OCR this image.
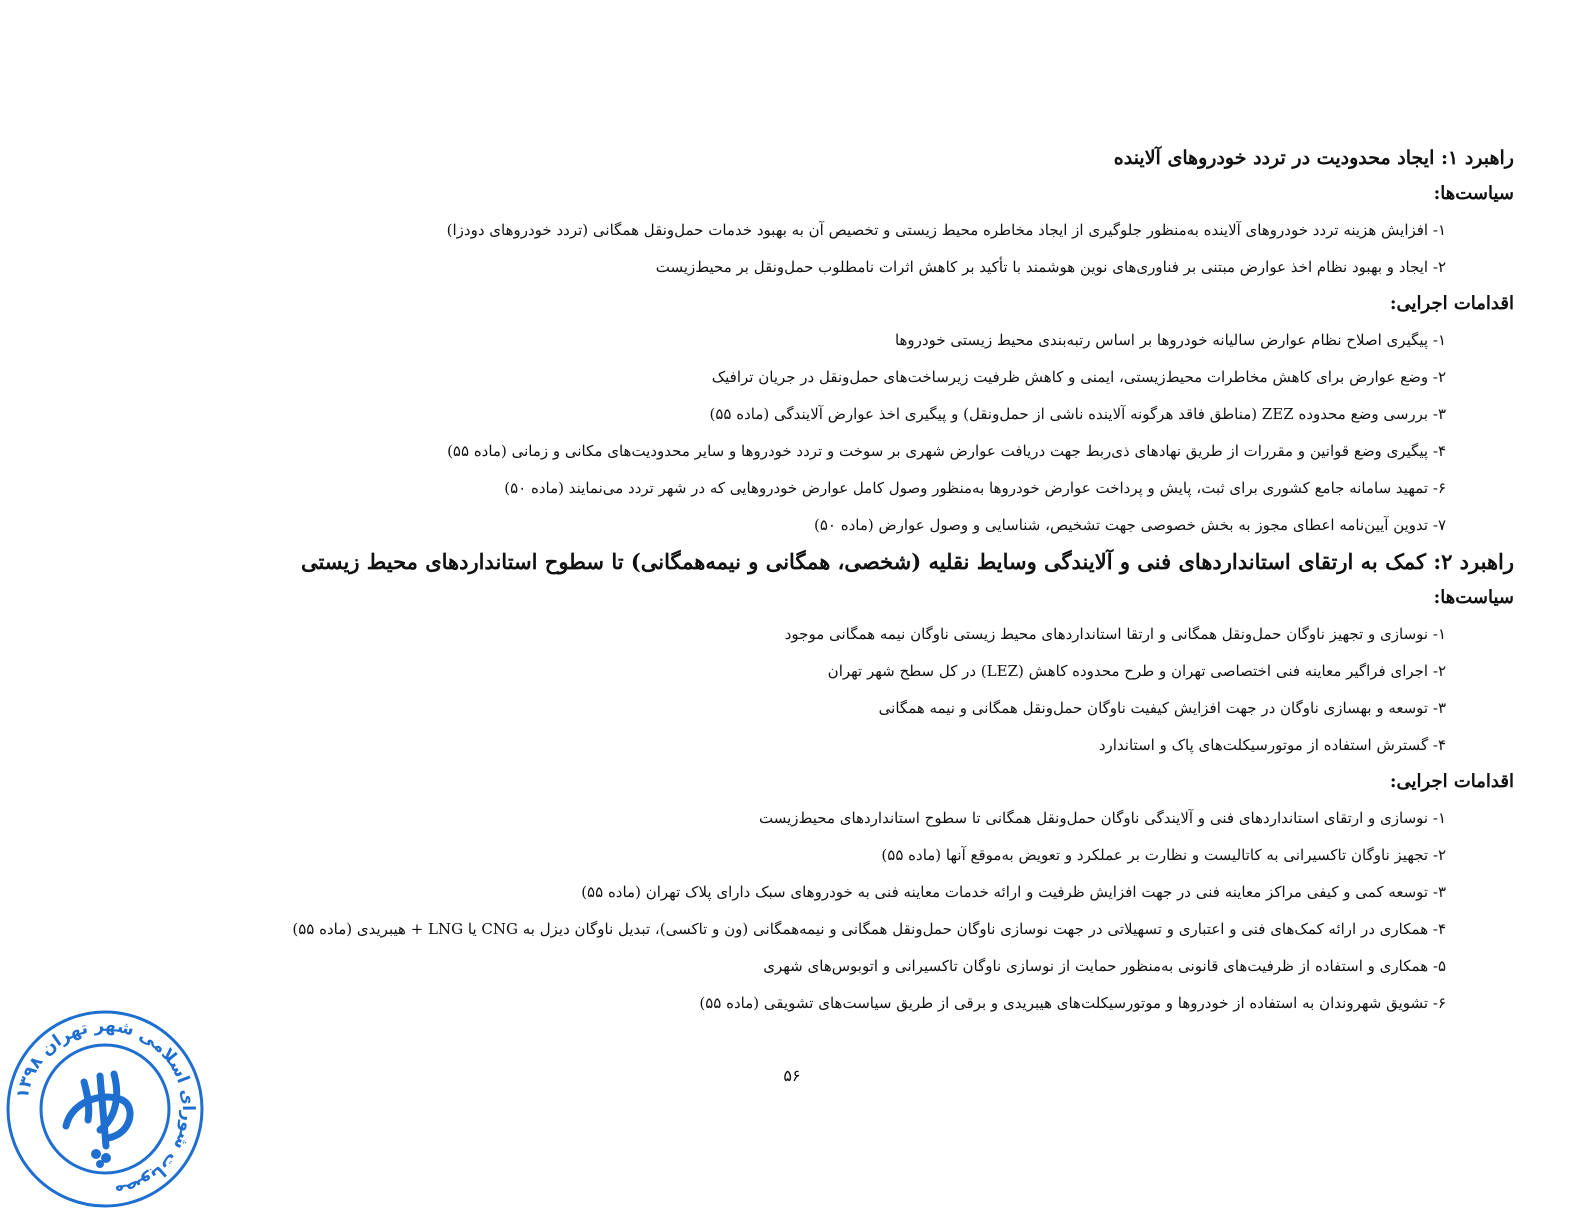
راهبرد ۱: ایجاد محدودیت در تردد خودروهای آلاینده
سیاست‌ها:
۱- افزایش هزینه تردد خودروهای آلاینده به‌منظور جلوگیری از ایجاد مخاطره محیط زیستی و تخصیص آن به بهبود خدمات حمل‌ونقل همگانی (تردد خودروهای دودزا)
۲- ایجاد و بهبود نظام اخذ عوارض مبتنی بر فناوری‌های نوین هوشمند با تأکید بر کاهش اثرات نامطلوب حمل‌ونقل بر محیط‌زیست
اقدامات اجرایی:
۱- پیگیری اصلاح نظام عوارض سالیانه خودروها بر اساس رتبه‌بندی محیط زیستی خودروها
۲- وضع عوارض برای کاهش مخاطرات محیط‌زیستی، ایمنی و کاهش ظرفیت زیرساخت‌های حمل‌ونقل در جریان ترافیک
۳- بررسی وضع محدوده ZEZ (مناطق فاقد هرگونه آلاینده ناشی از حمل‌ونقل) و پیگیری اخذ عوارض آلایندگی (ماده ۵۵)
۴- پیگیری وضع قوانین و مقررات از طریق نهادهای ذی‌ربط جهت دریافت عوارض شهری بر سوخت و تردد خودروها و سایر محدودیت‌های مکانی و زمانی (ماده ۵۵)
۶- تمهید سامانه جامع کشوری برای ثبت، پایش و پرداخت عوارض خودروها به‌منظور وصول کامل عوارض خودروهایی که در شهر تردد می‌نمایند (ماده ۵۰)
۷- تدوین آیین‌نامه اعطای مجوز به بخش خصوصی جهت تشخیص، شناسایی و وصول عوارض (ماده ۵۰)
راهبرد ۲: کمک به ارتقای استانداردهای فنی و آلایندگی وسایط نقلیه (شخصی، همگانی و نیمه‌همگانی) تا سطوح استانداردهای محیط زیستی
سیاست‌ها:
۱- نوسازی و تجهیز ناوگان حمل‌ونقل همگانی و ارتقا استانداردهای محیط زیستی ناوگان نیمه همگانی موجود
۲- اجرای فراگیر معاینه فنی اختصاصی تهران و طرح محدوده کاهش (LEZ) در کل سطح شهر تهران
۳- توسعه و بهسازی ناوگان در جهت افزایش کیفیت ناوگان حمل‌ونقل همگانی و نیمه همگانی
۴- گسترش استفاده از موتورسیکلت‌های پاک و استاندارد
اقدامات اجرایی:
۱- نوسازی و ارتقای استانداردهای فنی و آلایندگی ناوگان حمل‌ونقل همگانی تا سطوح استانداردهای محیط‌زیست
۲- تجهیز ناوگان تاکسیرانی به کاتالیست و نظارت بر عملکرد و تعویض به‌موقع آنها (ماده ۵۵)
۳- توسعه کمی و کیفی مراکز معاینه فنی در جهت افزایش ظرفیت و ارائه خدمات معاینه فنی به خودروهای سبک دارای پلاک تهران (ماده ۵۵)
۴- همکاری در ارائه کمک‌های فنی و اعتباری و تسهیلاتی در جهت نوسازی ناوگان حمل‌ونقل همگانی و نیمه‌همگانی (ون و تاکسی)، تبدیل ناوگان دیزل به CNG یا LNG + هیبریدی (ماده ۵۵)
۵- همکاری و استفاده از ظرفیت‌های قانونی به‌منظور حمایت از نوسازی ناوگان تاکسیرانی و اتوبوس‌های شهری
۶- تشویق شهروندان به استفاده از خودروها و موتورسیکلت‌های هیبریدی و برقی از طریق سیاست‌های تشویقی (ماده ۵۵)
۵۶
مصوبات شورای اسلامی شهر تهران ۱۳۹۸
